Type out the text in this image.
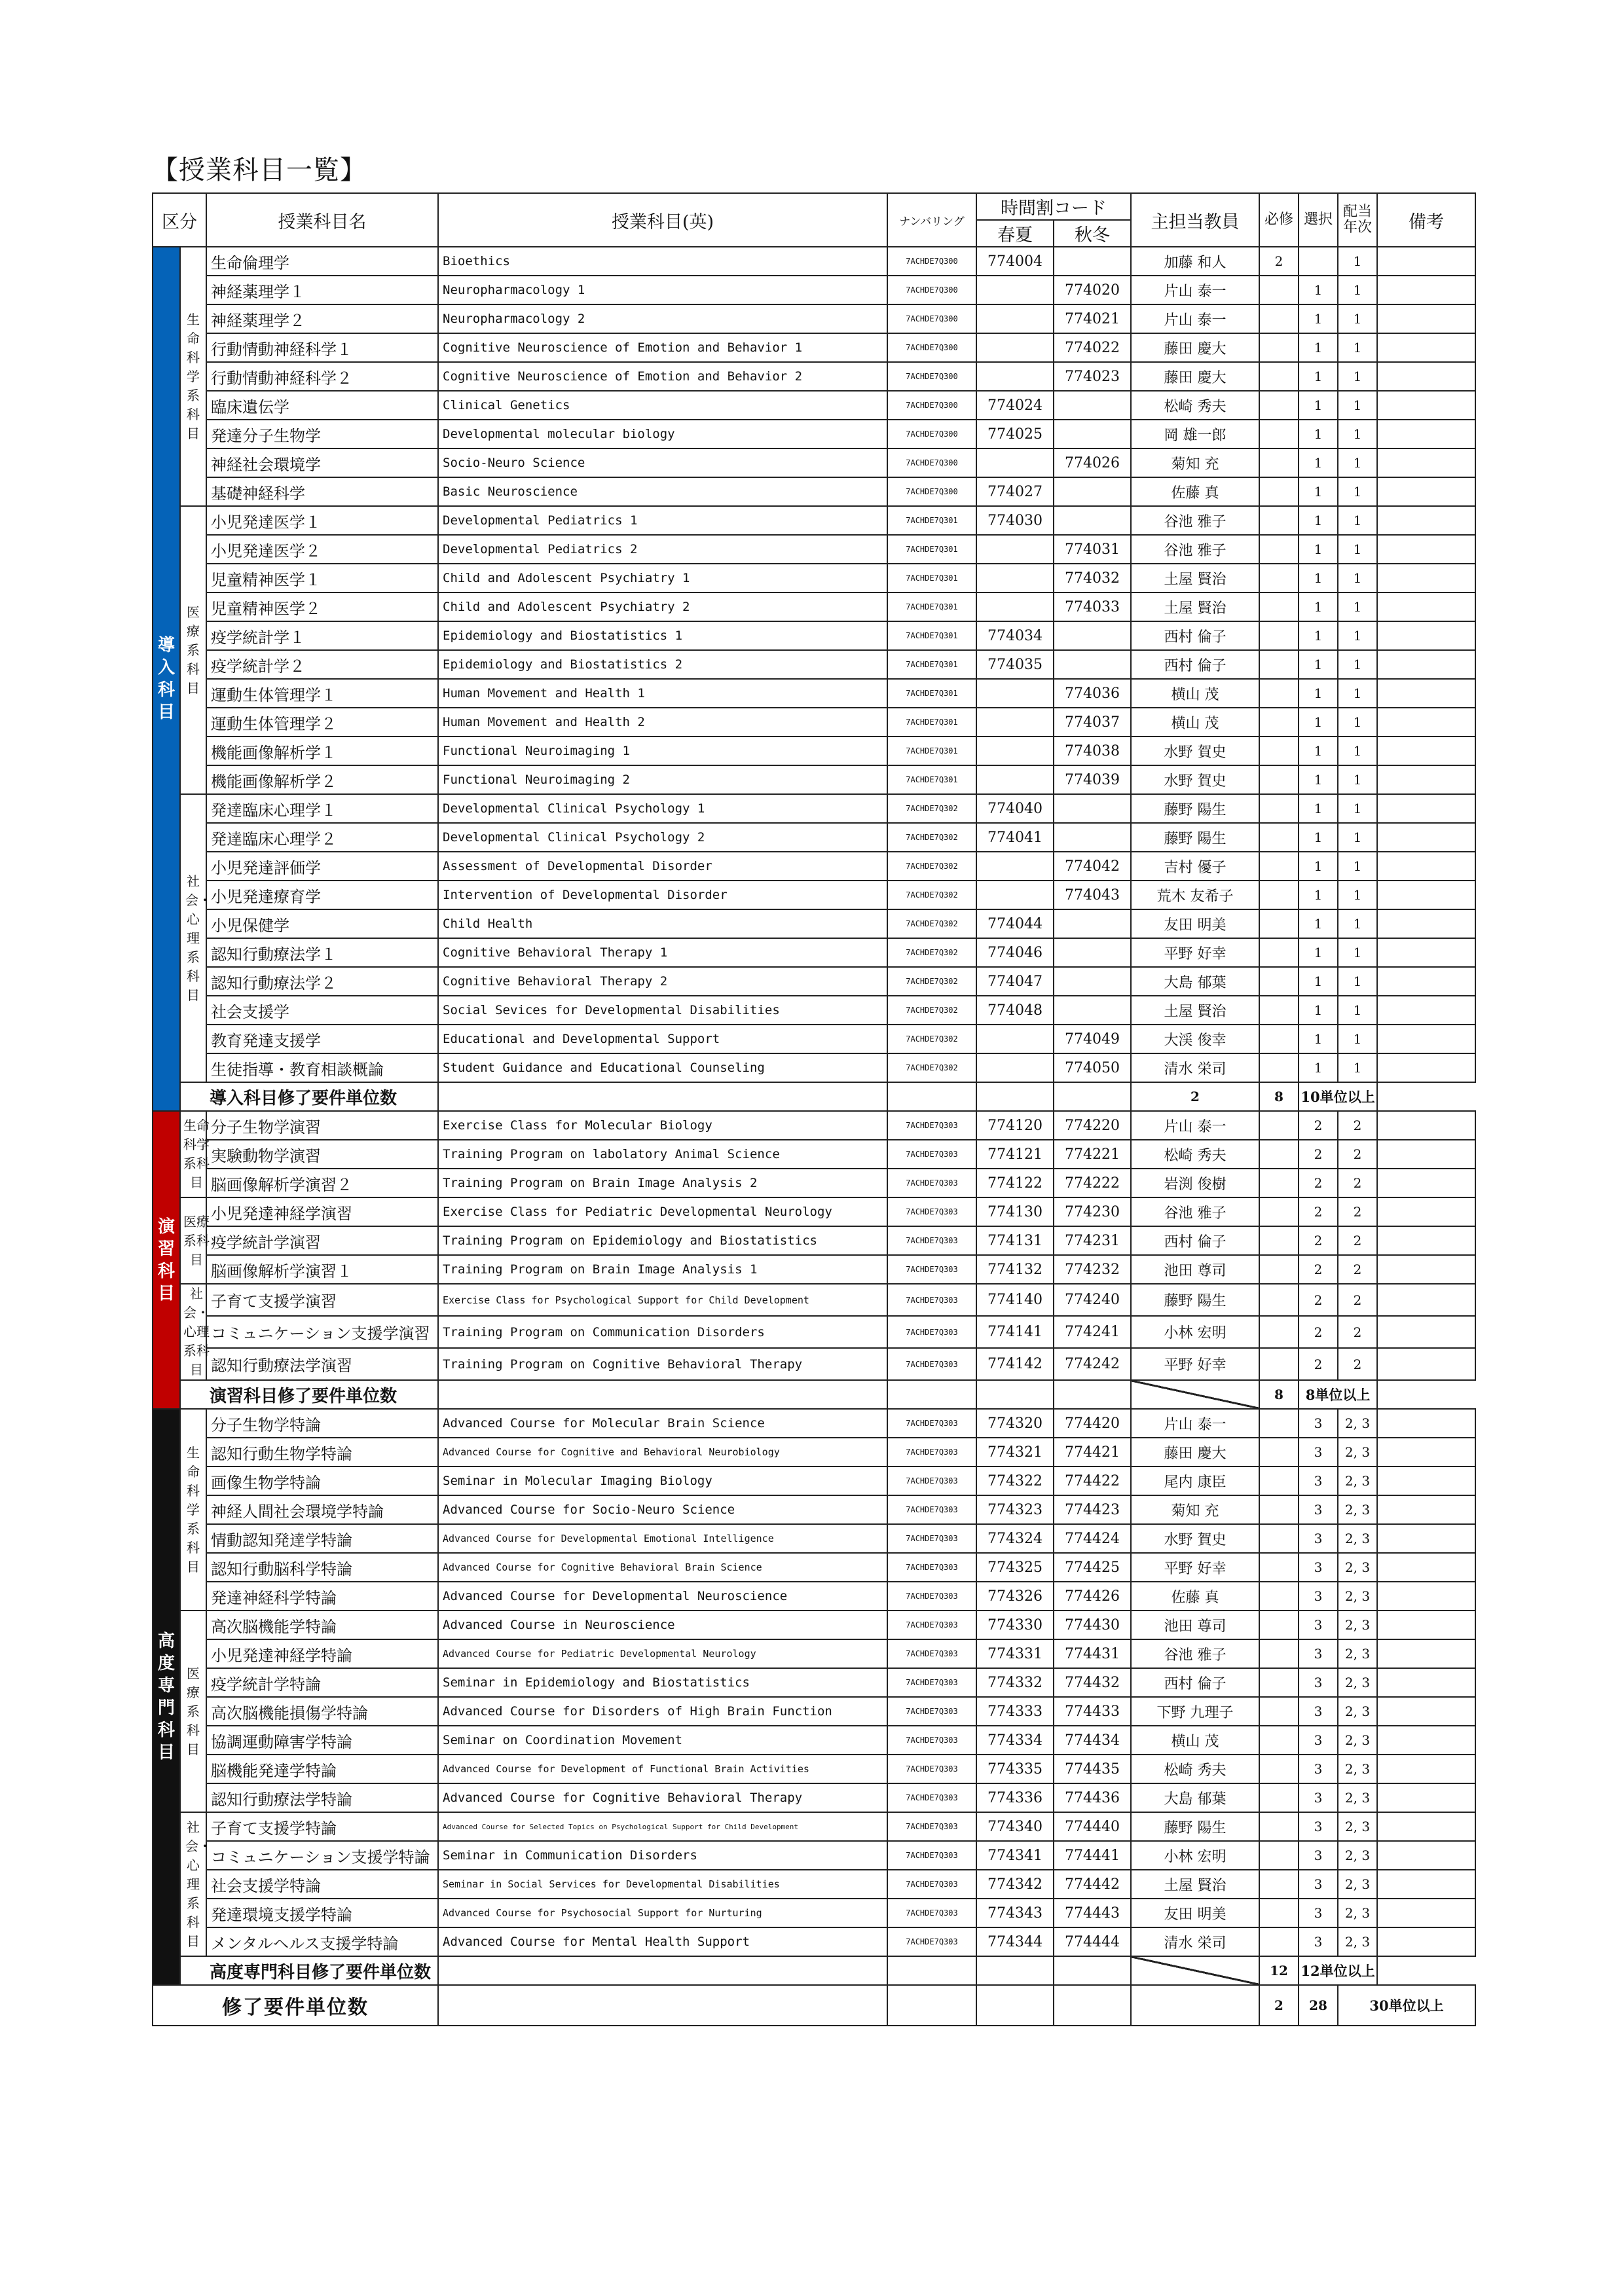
【授業科目一覧】
区分		授業科目名	授業科目(英)	ナンバリング	時間割コード		主担当教員	必修	選択	配当年次	備考
					春夏	秋冬					
導入科目	生命科学系科目	生命倫理学	Bioethics	7ACHDE7Q300	774004		加藤 和人	2		1	
		神経薬理学１	Neuropharmacology 1	7ACHDE7Q300		774020	片山 泰一		1	1	
		神経薬理学２	Neuropharmacology 2	7ACHDE7Q300		774021	片山 泰一		1	1	
		行動情動神経科学１	Cognitive Neuroscience of Emotion and Behavior 1	7ACHDE7Q300		774022	藤田 慶大		1	1	
		行動情動神経科学２	Cognitive Neuroscience of Emotion and Behavior 2	7ACHDE7Q300		774023	藤田 慶大		1	1	
		臨床遺伝学	Clinical Genetics	7ACHDE7Q300	774024		松崎 秀夫		1	1	
		発達分子生物学	Developmental molecular biology	7ACHDE7Q300	774025		岡 雄一郎		1	1	
		神経社会環境学	Socio-Neuro Science	7ACHDE7Q300		774026	菊知 充		1	1	
		基礎神経科学	Basic Neuroscience	7ACHDE7Q300	774027		佐藤 真		1	1	
	医療系科目	小児発達医学１	Developmental Pediatrics 1	7ACHDE7Q301	774030		谷池 雅子		1	1	
		小児発達医学２	Developmental Pediatrics 2	7ACHDE7Q301		774031	谷池 雅子		1	1	
		児童精神医学１	Child and Adolescent Psychiatry 1	7ACHDE7Q301		774032	土屋 賢治		1	1	
		児童精神医学２	Child and Adolescent Psychiatry 2	7ACHDE7Q301		774033	土屋 賢治		1	1	
		疫学統計学１	Epidemiology and Biostatistics 1	7ACHDE7Q301	774034		西村 倫子		1	1	
		疫学統計学２	Epidemiology and Biostatistics 2	7ACHDE7Q301	774035		西村 倫子		1	1	
		運動生体管理学１	Human Movement and Health 1	7ACHDE7Q301		774036	横山 茂		1	1	
		運動生体管理学２	Human Movement and Health 2	7ACHDE7Q301		774037	横山 茂		1	1	
		機能画像解析学１	Functional Neuroimaging 1	7ACHDE7Q301		774038	水野 賀史		1	1	
		機能画像解析学２	Functional Neuroimaging 2	7ACHDE7Q301		774039	水野 賀史		1	1	
	社会・心理系科目	発達臨床心理学１	Developmental Clinical Psychology 1	7ACHDE7Q302	774040		藤野 陽生		1	1	
		発達臨床心理学２	Developmental Clinical Psychology 2	7ACHDE7Q302	774041		藤野 陽生		1	1	
		小児発達評価学	Assessment of Developmental Disorder	7ACHDE7Q302		774042	吉村 優子		1	1	
		小児発達療育学	Intervention of Developmental Disorder	7ACHDE7Q302		774043	荒木 友希子		1	1	
		小児保健学	Child Health	7ACHDE7Q302	774044		友田 明美		1	1	
		認知行動療法学１	Cognitive Behavioral Therapy 1	7ACHDE7Q302	774046		平野 好幸		1	1	
		認知行動療法学２	Cognitive Behavioral Therapy 2	7ACHDE7Q302	774047		大島 郁葉		1	1	
		社会支援学	Social Sevices for Developmental Disabilities	7ACHDE7Q302	774048		土屋 賢治		1	1	
		教育発達支援学	Educational and Developmental Support	7ACHDE7Q302		774049	大渓 俊幸		1	1	
		生徒指導・教育相談概論	Student Guidance and Educational Counseling	7ACHDE7Q302		774050	清水 栄司		1	1	
	導入科目修了要件単位数						2	8	10単位以上		
演習科目	生命科学系科目	分子生物学演習	Exercise Class for Molecular Biology	7ACHDE7Q303	774120	774220	片山 泰一		2	2	
		実験動物学演習	Training Program on labolatory Animal Science	7ACHDE7Q303	774121	774221	松崎 秀夫		2	2	
		脳画像解析学演習２	Training Program on Brain Image Analysis 2	7ACHDE7Q303	774122	774222	岩渕 俊樹		2	2	
	医療系科目	小児発達神経学演習	Exercise Class for Pediatric Developmental Neurology	7ACHDE7Q303	774130	774230	谷池 雅子		2	2	
		疫学統計学演習	Training Program on Epidemiology and Biostatistics	7ACHDE7Q303	774131	774231	西村 倫子		2	2	
		脳画像解析学演習１	Training Program on Brain Image Analysis 1	7ACHDE7Q303	774132	774232	池田 尊司		2	2	
	社会・心理系科目	子育て支援学演習	Exercise Class for Psychological Support for Child Development	7ACHDE7Q303	774140	774240	藤野 陽生		2	2	
		コミュニケーション支援学演習	Training Program on Communication Disorders	7ACHDE7Q303	774141	774241	小林 宏明		2	2	
		認知行動療法学演習	Training Program on Cognitive Behavioral Therapy	7ACHDE7Q303	774142	774242	平野 好幸		2	2	
	演習科目修了要件単位数							8	8単位以上		
高度専門科目	生命科学系科目	分子生物学特論	Advanced Course for Molecular Brain Science	7ACHDE7Q303	774320	774420	片山 泰一		3	2, 3	
		認知行動生物学特論	Advanced Course for Cognitive and Behavioral Neurobiology	7ACHDE7Q303	774321	774421	藤田 慶大		3	2, 3	
		画像生物学特論	Seminar in Molecular Imaging Biology	7ACHDE7Q303	774322	774422	尾内 康臣		3	2, 3	
		神経人間社会環境学特論	Advanced Course for Socio-Neuro Science	7ACHDE7Q303	774323	774423	菊知 充		3	2, 3	
		情動認知発達学特論	Advanced Course for Developmental Emotional Intelligence	7ACHDE7Q303	774324	774424	水野 賀史		3	2, 3	
		認知行動脳科学特論	Advanced Course for Cognitive Behavioral Brain Science	7ACHDE7Q303	774325	774425	平野 好幸		3	2, 3	
		発達神経科学特論	Advanced Course for Developmental Neuroscience	7ACHDE7Q303	774326	774426	佐藤 真		3	2, 3	
	医療系科目	高次脳機能学特論	Advanced Course in Neuroscience	7ACHDE7Q303	774330	774430	池田 尊司		3	2, 3	
		小児発達神経学特論	Advanced Course for Pediatric Developmental Neurology	7ACHDE7Q303	774331	774431	谷池 雅子		3	2, 3	
		疫学統計学特論	Seminar in Epidemiology and Biostatistics	7ACHDE7Q303	774332	774432	西村 倫子		3	2, 3	
		高次脳機能損傷学特論	Advanced Course for Disorders of High Brain Function	7ACHDE7Q303	774333	774433	下野 九理子		3	2, 3	
		協調運動障害学特論	Seminar on Coordination Movement	7ACHDE7Q303	774334	774434	横山 茂		3	2, 3	
		脳機能発達学特論	Advanced Course for Development of Functional Brain Activities	7ACHDE7Q303	774335	774435	松崎 秀夫		3	2, 3	
		認知行動療法学特論	Advanced Course for Cognitive Behavioral Therapy	7ACHDE7Q303	774336	774436	大島 郁葉		3	2, 3	
	社会・心理系科目	子育て支援学特論	Advanced Course for Selected Topics on Psychological Support for Child Development	7ACHDE7Q303	774340	774440	藤野 陽生		3	2, 3	
		コミュニケーション支援学特論	Seminar in Communication Disorders	7ACHDE7Q303	774341	774441	小林 宏明		3	2, 3	
		社会支援学特論	Seminar in Social Services for Developmental Disabilities	7ACHDE7Q303	774342	774442	土屋 賢治		3	2, 3	
		発達環境支援学特論	Advanced Course for Psychosocial Support for Nurturing	7ACHDE7Q303	774343	774443	友田 明美		3	2, 3	
		メンタルヘルス支援学特論	Advanced Course for Mental Health Support	7ACHDE7Q303	774344	774444	清水 栄司		3	2, 3	
	高度専門科目修了要件単位数							12	12単位以上		
修了要件単位数								2	28	30単位以上	
